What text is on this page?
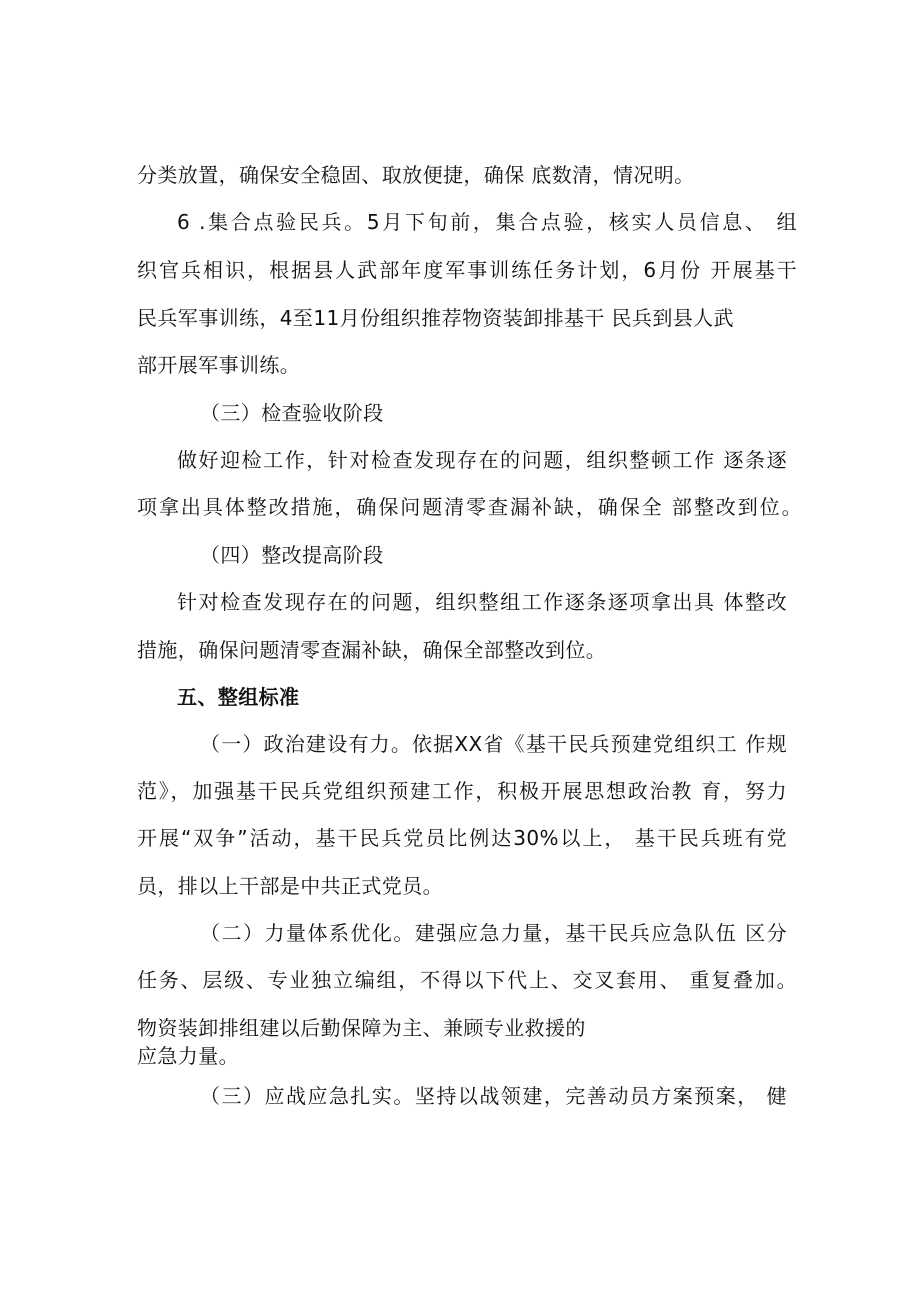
分类放置，确保安全稳固、取放便捷，确保 底数清，情况明。
6 .集合点验民兵。5月下旬前，集合点验，核实人员信息、 组
织官兵相识，根据县人武部年度军事训练任务计划，6月份 开展基干
民兵军事训练，4至11月份组织推荐物资装卸排基干 民兵到县人武
部开展军事训练。
（三）检查验收阶段
做好迎检工作，针对检查发现存在的问题，组织整顿工作 逐条逐
项拿出具体整改措施，确保问题清零查漏补缺，确保全 部整改到位。
（四）整改提高阶段
针对检查发现存在的问题，组织整组工作逐条逐项拿出具 体整改
措施，确保问题清零查漏补缺，确保全部整改到位。
五、整组标准
（一）政治建设有力。依据XX省《基干民兵预建党组织工 作规
范》，加强基干民兵党组织预建工作，积极开展思想政治教 育，努力
开展“双争”活动，基干民兵党员比例达30%以上， 基干民兵班有党
员，排以上干部是中共正式党员。
（二）力量体系优化。建强应急力量，基干民兵应急队伍 区分
任务、层级、专业独立编组，不得以下代上、交叉套用、 重复叠加。
物资装卸排组建以后勤保障为主、兼顾专业救援的
应急力量。
（三）应战应急扎实。坚持以战领建，完善动员方案预案， 健
